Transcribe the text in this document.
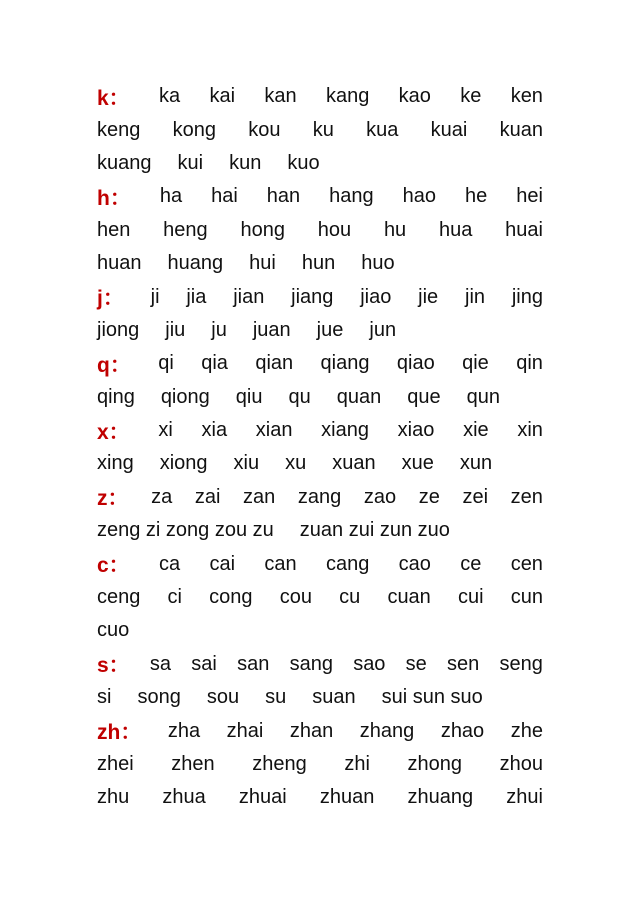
k： ka kai kan kang kao ke ken
keng kong kou ku kua kuai kuan
kuang kui kun kuo
h： ha hai han hang hao he hei
hen heng hong hou hu hua huai
huan huang hui hun huo
j： ji jia jian jiang jiao jie jin jing
jiong jiu ju juan jue jun
q： qi qia qian qiang qiao qie qin
qing qiong qiu qu quan que qun
x： xi xia xian xiang xiao xie xin
xing xiong xiu xu xuan xue xun
z： za zai zan zang zao ze zei zen
zeng zi zong zou zu zuan zui zun zuo
c： ca cai can cang cao ce cen
ceng ci cong cou cu cuan cui cun
cuo
s： sa sai san sang sao se sen seng
si song sou su suan sui sun suo
zh： zha zhai zhan zhang zhao zhe
zhei zhen zheng zhi zhong zhou
zhu zhua zhuai zhuan zhuang zhui
